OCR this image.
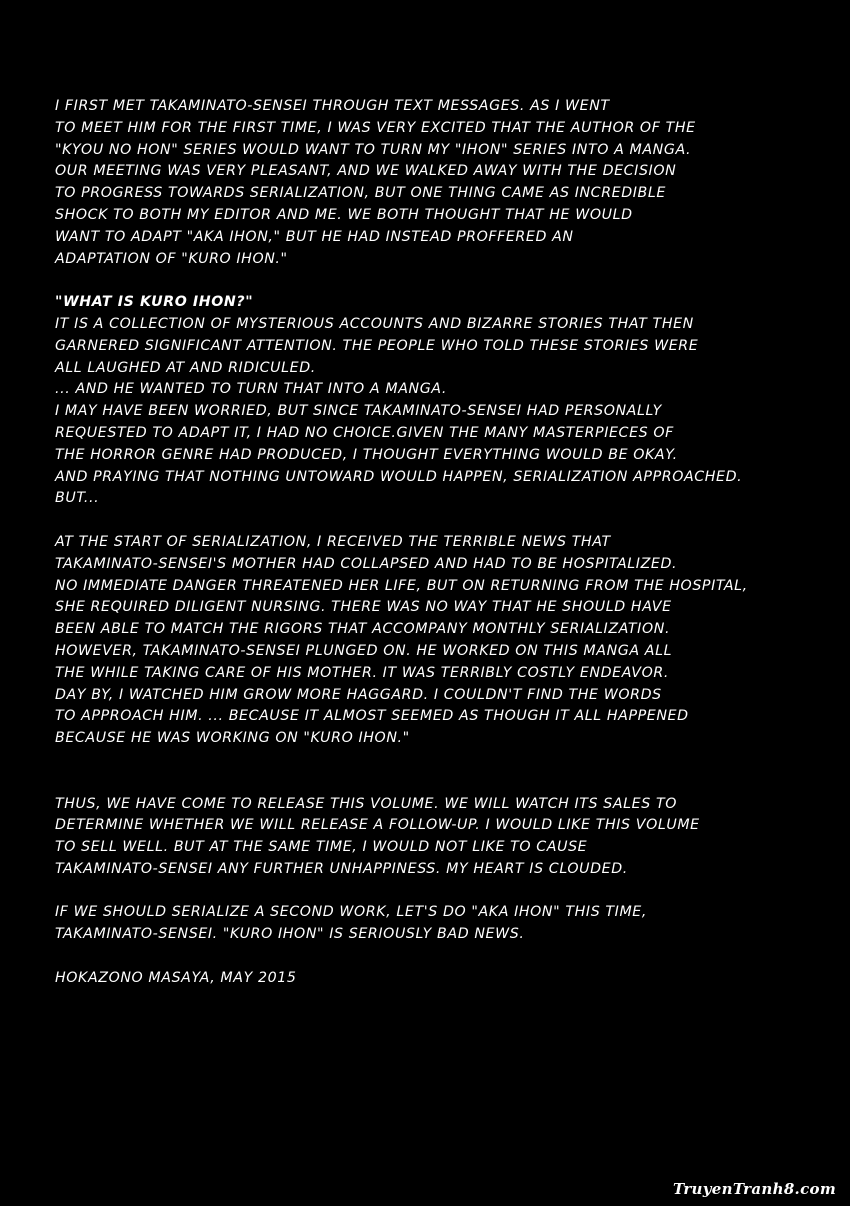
I FIRST MET TAKAMINATO-SENSEI THROUGH TEXT MESSAGES. AS I WENT
TO MEET HIM FOR THE FIRST TIME, I WAS VERY EXCITED THAT THE AUTHOR OF THE
"KYOU NO HON" SERIES WOULD WANT TO TURN MY "IHON" SERIES INTO A MANGA.
OUR MEETING WAS VERY PLEASANT, AND WE WALKED AWAY WITH THE DECISION
TO PROGRESS TOWARDS SERIALIZATION, BUT ONE THING CAME AS INCREDIBLE
SHOCK TO BOTH MY EDITOR AND ME. WE BOTH THOUGHT THAT HE WOULD
WANT TO ADAPT "AKA IHON," BUT HE HAD INSTEAD PROFFERED AN
ADAPTATION OF "KURO IHON."
"WHAT IS KURO IHON?"
IT IS A COLLECTION OF MYSTERIOUS ACCOUNTS AND BIZARRE STORIES THAT THEN
GARNERED SIGNIFICANT ATTENTION. THE PEOPLE WHO TOLD THESE STORIES WERE
ALL LAUGHED AT AND RIDICULED.
... AND HE WANTED TO TURN THAT INTO A MANGA.
I MAY HAVE BEEN WORRIED, BUT SINCE TAKAMINATO-SENSEI HAD PERSONALLY
REQUESTED TO ADAPT IT, I HAD NO CHOICE.GIVEN THE MANY MASTERPIECES OF
THE HORROR GENRE HAD PRODUCED, I THOUGHT EVERYTHING WOULD BE OKAY.
AND PRAYING THAT NOTHING UNTOWARD WOULD HAPPEN, SERIALIZATION APPROACHED.
BUT...
AT THE START OF SERIALIZATION, I RECEIVED THE TERRIBLE NEWS THAT
TAKAMINATO-SENSEI'S MOTHER HAD COLLAPSED AND HAD TO BE HOSPITALIZED.
NO IMMEDIATE DANGER THREATENED HER LIFE, BUT ON RETURNING FROM THE HOSPITAL,
SHE REQUIRED DILIGENT NURSING. THERE WAS NO WAY THAT HE SHOULD HAVE
BEEN ABLE TO MATCH THE RIGORS THAT ACCOMPANY MONTHLY SERIALIZATION.
HOWEVER, TAKAMINATO-SENSEI PLUNGED ON. HE WORKED ON THIS MANGA ALL
THE WHILE TAKING CARE OF HIS MOTHER. IT WAS TERRIBLY COSTLY ENDEAVOR.
DAY BY, I WATCHED HIM GROW MORE HAGGARD. I COULDN'T FIND THE WORDS
TO APPROACH HIM. ... BECAUSE IT ALMOST SEEMED AS THOUGH IT ALL HAPPENED
BECAUSE HE WAS WORKING ON "KURO IHON."
THUS, WE HAVE COME TO RELEASE THIS VOLUME. WE WILL WATCH ITS SALES TO
DETERMINE WHETHER WE WILL RELEASE A FOLLOW-UP. I WOULD LIKE THIS VOLUME
TO SELL WELL. BUT AT THE SAME TIME, I WOULD NOT LIKE TO CAUSE
TAKAMINATO-SENSEI ANY FURTHER UNHAPPINESS. MY HEART IS CLOUDED.
IF WE SHOULD SERIALIZE A SECOND WORK, LET'S DO "AKA IHON" THIS TIME,
TAKAMINATO-SENSEI. "KURO IHON" IS SERIOUSLY BAD NEWS.
HOKAZONO MASAYA, MAY 2015
TruyenTranh8.com
